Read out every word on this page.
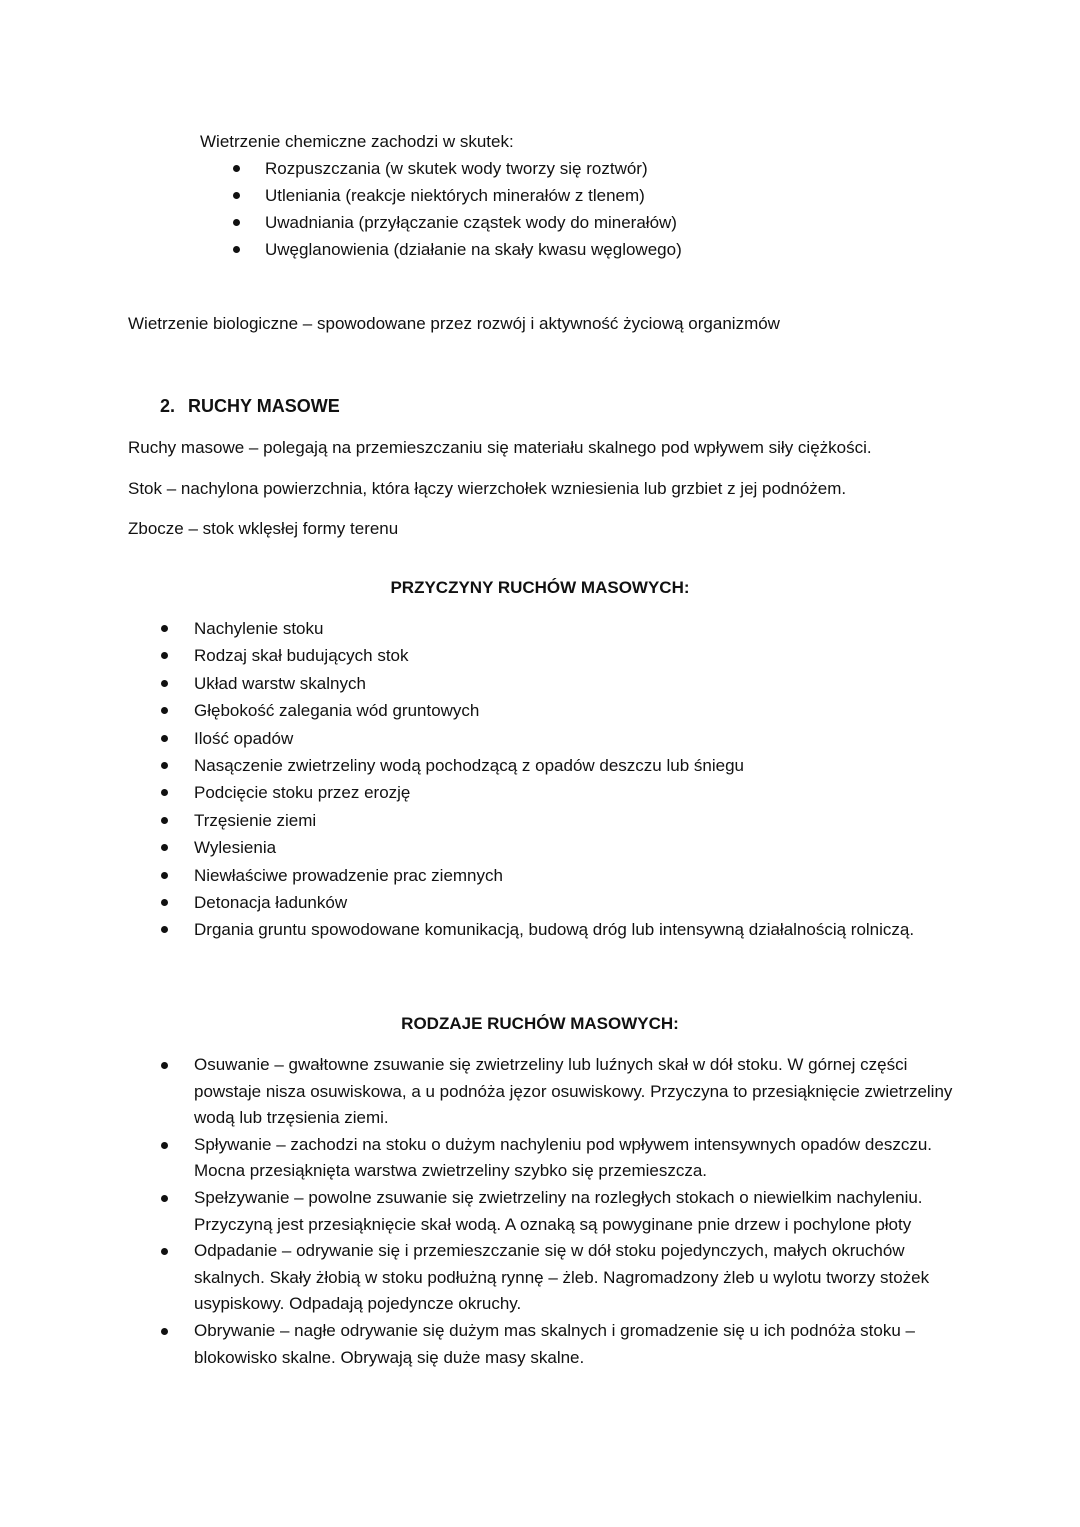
Wietrzenie chemiczne zachodzi w skutek:

Rozpuszczania (w skutek wody tworzy się roztwór)
Utleniania (reakcje niektórych minerałów z tlenem)
Uwadniania (przyłączanie cząstek wody do minerałów)
Uwęglanowienia (działanie na skały kwasu węglowego)

Wietrzenie biologiczne – spowodowane przez rozwój i aktywność życiową organizmów

2. RUCHY MASOWE

Ruchy masowe – polegają na przemieszczaniu się materiału skalnego pod wpływem siły ciężkości.

Stok – nachylona powierzchnia, która łączy wierzchołek wzniesienia lub grzbiet z jej podnóżem.

Zbocze – stok wklęsłej formy terenu

PRZYCZYNY RUCHÓW MASOWYCH:
Nachylenie stoku
Rodzaj skał budujących stok
Układ warstw skalnych
Głębokość zalegania wód gruntowych
Ilość opadów
Nasączenie zwietrzeliny wodą pochodzącą z opadów deszczu lub śniegu
Podcięcie stoku przez erozję
Trzęsienie ziemi
Wylesienia
Niewłaściwe prowadzenie prac ziemnych
Detonacja ładunków
Drgania gruntu spowodowane komunikacją, budową dróg lub intensywną działalnością rolniczą.
RODZAJE RUCHÓW MASOWYCH:
Osuwanie – gwałtowne zsuwanie się zwietrzeliny lub luźnych skał w dół stoku. W górnej części powstaje nisza osuwiskowa, a u podnóża jęzor osuwiskowy. Przyczyna to przesiąknięcie zwietrzeliny wodą lub trzęsienia ziemi.
Spływanie – zachodzi na stoku o dużym nachyleniu pod wpływem intensywnych opadów deszczu. Mocna przesiąknięta warstwa zwietrzeliny szybko się przemieszcza.
Spełzywanie – powolne zsuwanie się zwietrzeliny na rozległych stokach o niewielkim nachyleniu. Przyczyną jest przesiąknięcie skał wodą. A oznaką są powyginane pnie drzew i pochylone płoty
Odpadanie – odrywanie się i przemieszczanie się w dół stoku pojedynczych, małych okruchów skalnych. Skały żłobią w stoku podłużną rynnę – żleb. Nagromadzony żleb u wylotu tworzy stożek usypiskowy. Odpadają pojedyncze okruchy.
Obrywanie – nagłe odrywanie się dużym mas skalnych i gromadzenie się u ich podnóża stoku – blokowisko skalne. Obrywają się duże masy skalne.
